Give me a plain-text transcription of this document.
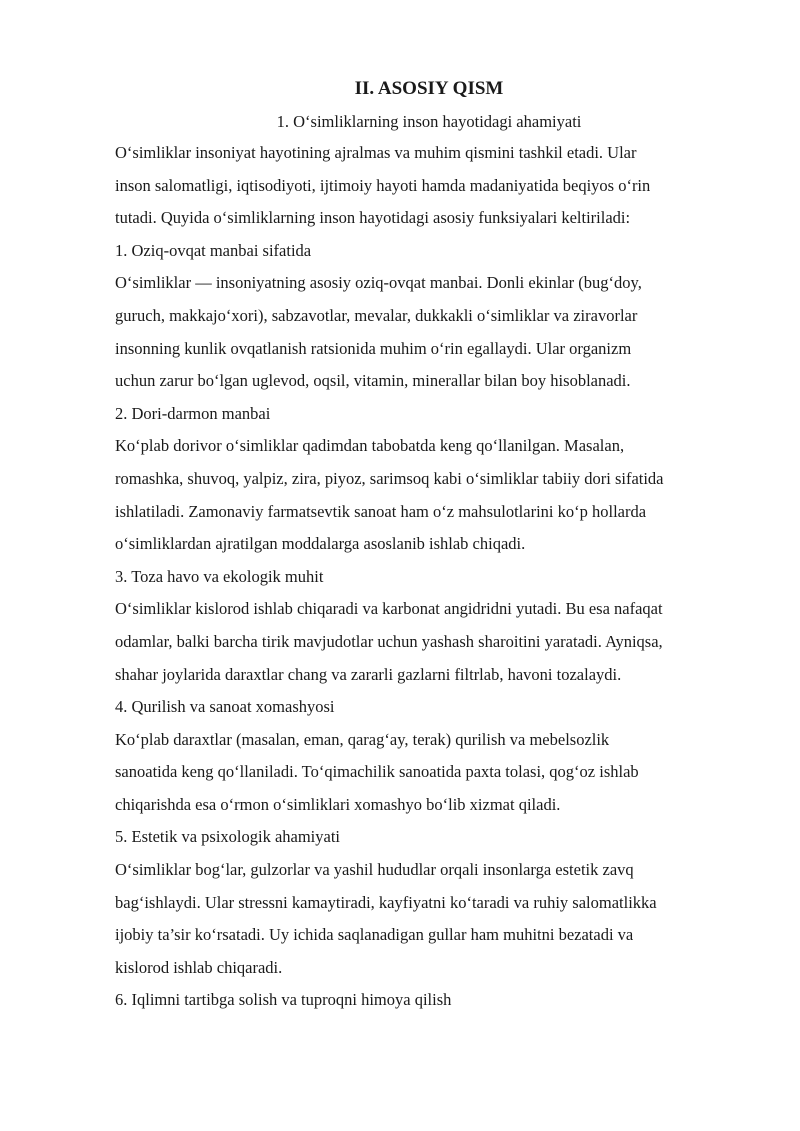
II. ASOSIY QISM

1. O‘simliklarning inson hayotidagi ahamiyati

O‘simliklar insoniyat hayotining ajralmas va muhim qismini tashkil etadi. Ular

inson salomatligi, iqtisodiyoti, ijtimoiy hayoti hamda madaniyatida beqiyos o‘rin

tutadi. Quyida o‘simliklarning inson hayotidagi asosiy funksiyalari keltiriladi:

1. Oziq-ovqat manbai sifatida

O‘simliklar — insoniyatning asosiy oziq-ovqat manbai. Donli ekinlar (bug‘doy,

guruch, makkajo‘xori), sabzavotlar, mevalar, dukkakli o‘simliklar va ziravorlar

insonning kunlik ovqatlanish ratsionida muhim o‘rin egallaydi. Ular organizm

uchun zarur bo‘lgan uglevod, oqsil, vitamin, minerallar bilan boy hisoblanadi.

2. Dori-darmon manbai

Ko‘plab dorivor o‘simliklar qadimdan tabobatda keng qo‘llanilgan. Masalan,

romashka, shuvoq, yalpiz, zira, piyoz, sarimsoq kabi o‘simliklar tabiiy dori sifatida

ishlatiladi. Zamonaviy farmatsevtik sanoat ham o‘z mahsulotlarini ko‘p hollarda

o‘simliklardan ajratilgan moddalarga asoslanib ishlab chiqadi.

3. Toza havo va ekologik muhit

O‘simliklar kislorod ishlab chiqaradi va karbonat angidridni yutadi. Bu esa nafaqat

odamlar, balki barcha tirik mavjudotlar uchun yashash sharoitini yaratadi. Ayniqsa,

shahar joylarida daraxtlar chang va zararli gazlarni filtrlab, havoni tozalaydi.

4. Qurilish va sanoat xomashyosi

Ko‘plab daraxtlar (masalan, eman, qarag‘ay, terak) qurilish va mebelsozlik

sanoatida keng qo‘llaniladi. To‘qimachilik sanoatida paxta tolasi, qog‘oz ishlab

chiqarishda esa o‘rmon o‘simliklari xomashyo bo‘lib xizmat qiladi.

5. Estetik va psixologik ahamiyati

O‘simliklar bog‘lar, gulzorlar va yashil hududlar orqali insonlarga estetik zavq

bag‘ishlaydi. Ular stressni kamaytiradi, kayfiyatni ko‘taradi va ruhiy salomatlikka

ijobiy ta’sir ko‘rsatadi. Uy ichida saqlanadigan gullar ham muhitni bezatadi va

kislorod ishlab chiqaradi.

6. Iqlimni tartibga solish va tuproqni himoya qilish
